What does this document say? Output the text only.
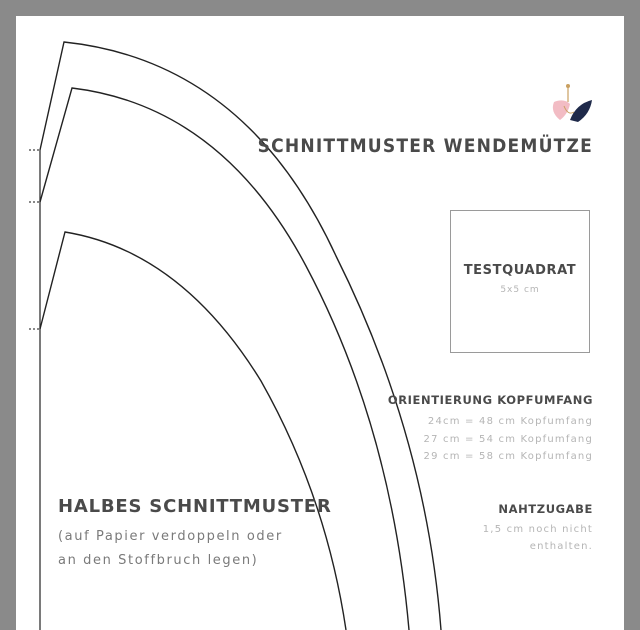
SCHNITTMUSTER WENDEMÜTZE
TESTQUADRAT
5x5 cm
ORIENTIERUNG KOPFUMFANG
24cm = 48 cm Kopfumfang
27 cm = 54 cm Kopfumfang
29 cm = 58 cm Kopfumfang
NAHTZUGABE
1,5 cm noch nicht
enthalten.
HALBES SCHNITTMUSTER
(auf Papier verdoppeln oder
an den Stoffbruch legen)
